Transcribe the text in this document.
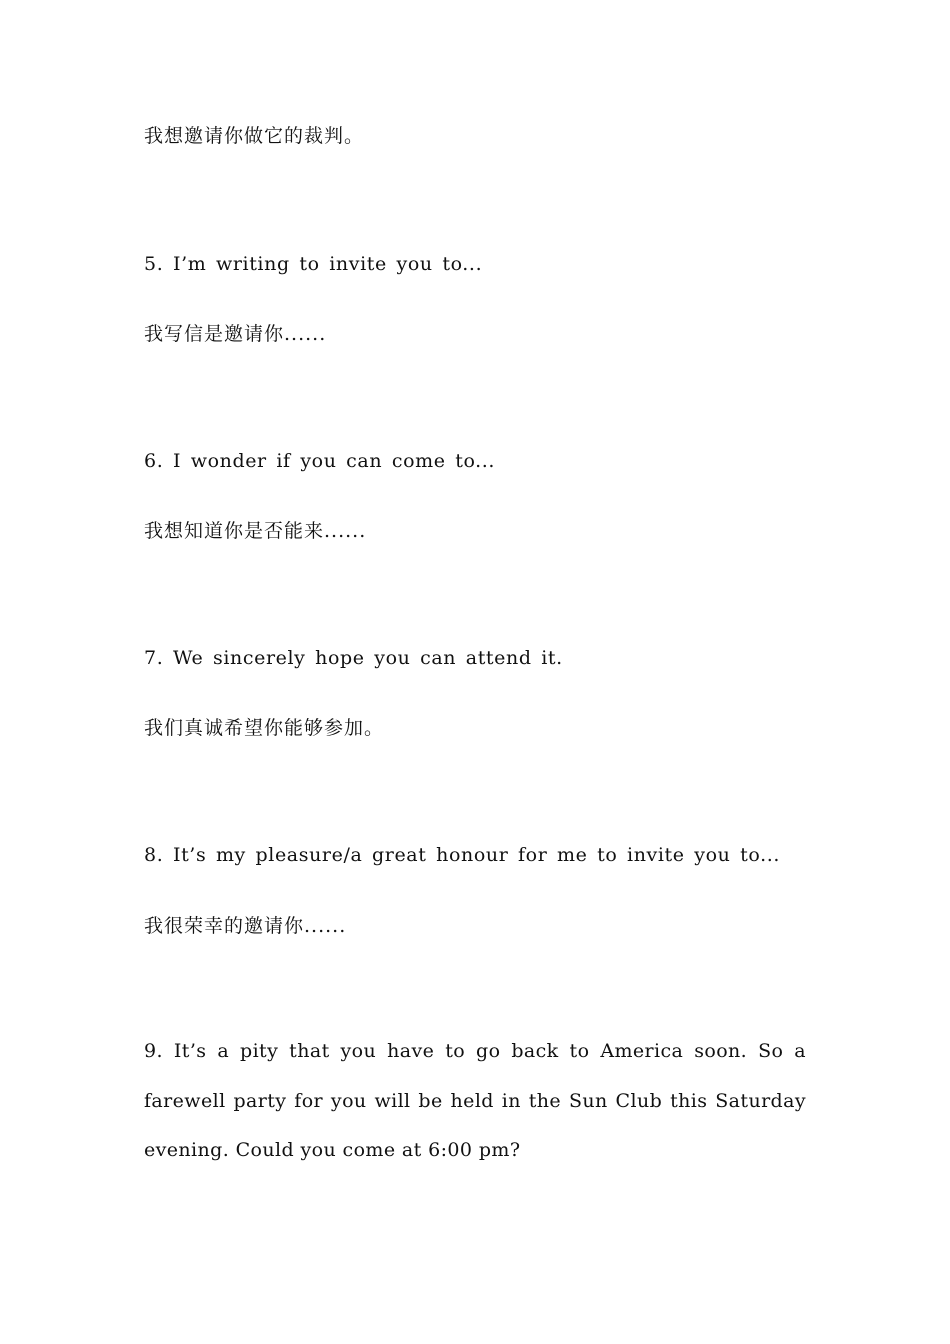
我想邀请你做它的裁判。

5. I’m writing to invite you to...

我写信是邀请你......

6. I wonder if you can come to...

我想知道你是否能来......

7. We sincerely hope you can attend it.

我们真诚希望你能够参加。

8. It’s my pleasure/a great honour for me to invite you to...

我很荣幸的邀请你......

9. It’s a pity that you have to go back to America soon. So a farewell party for you will be held in the Sun Club this Saturday evening. Could you come at 6:00 pm?
